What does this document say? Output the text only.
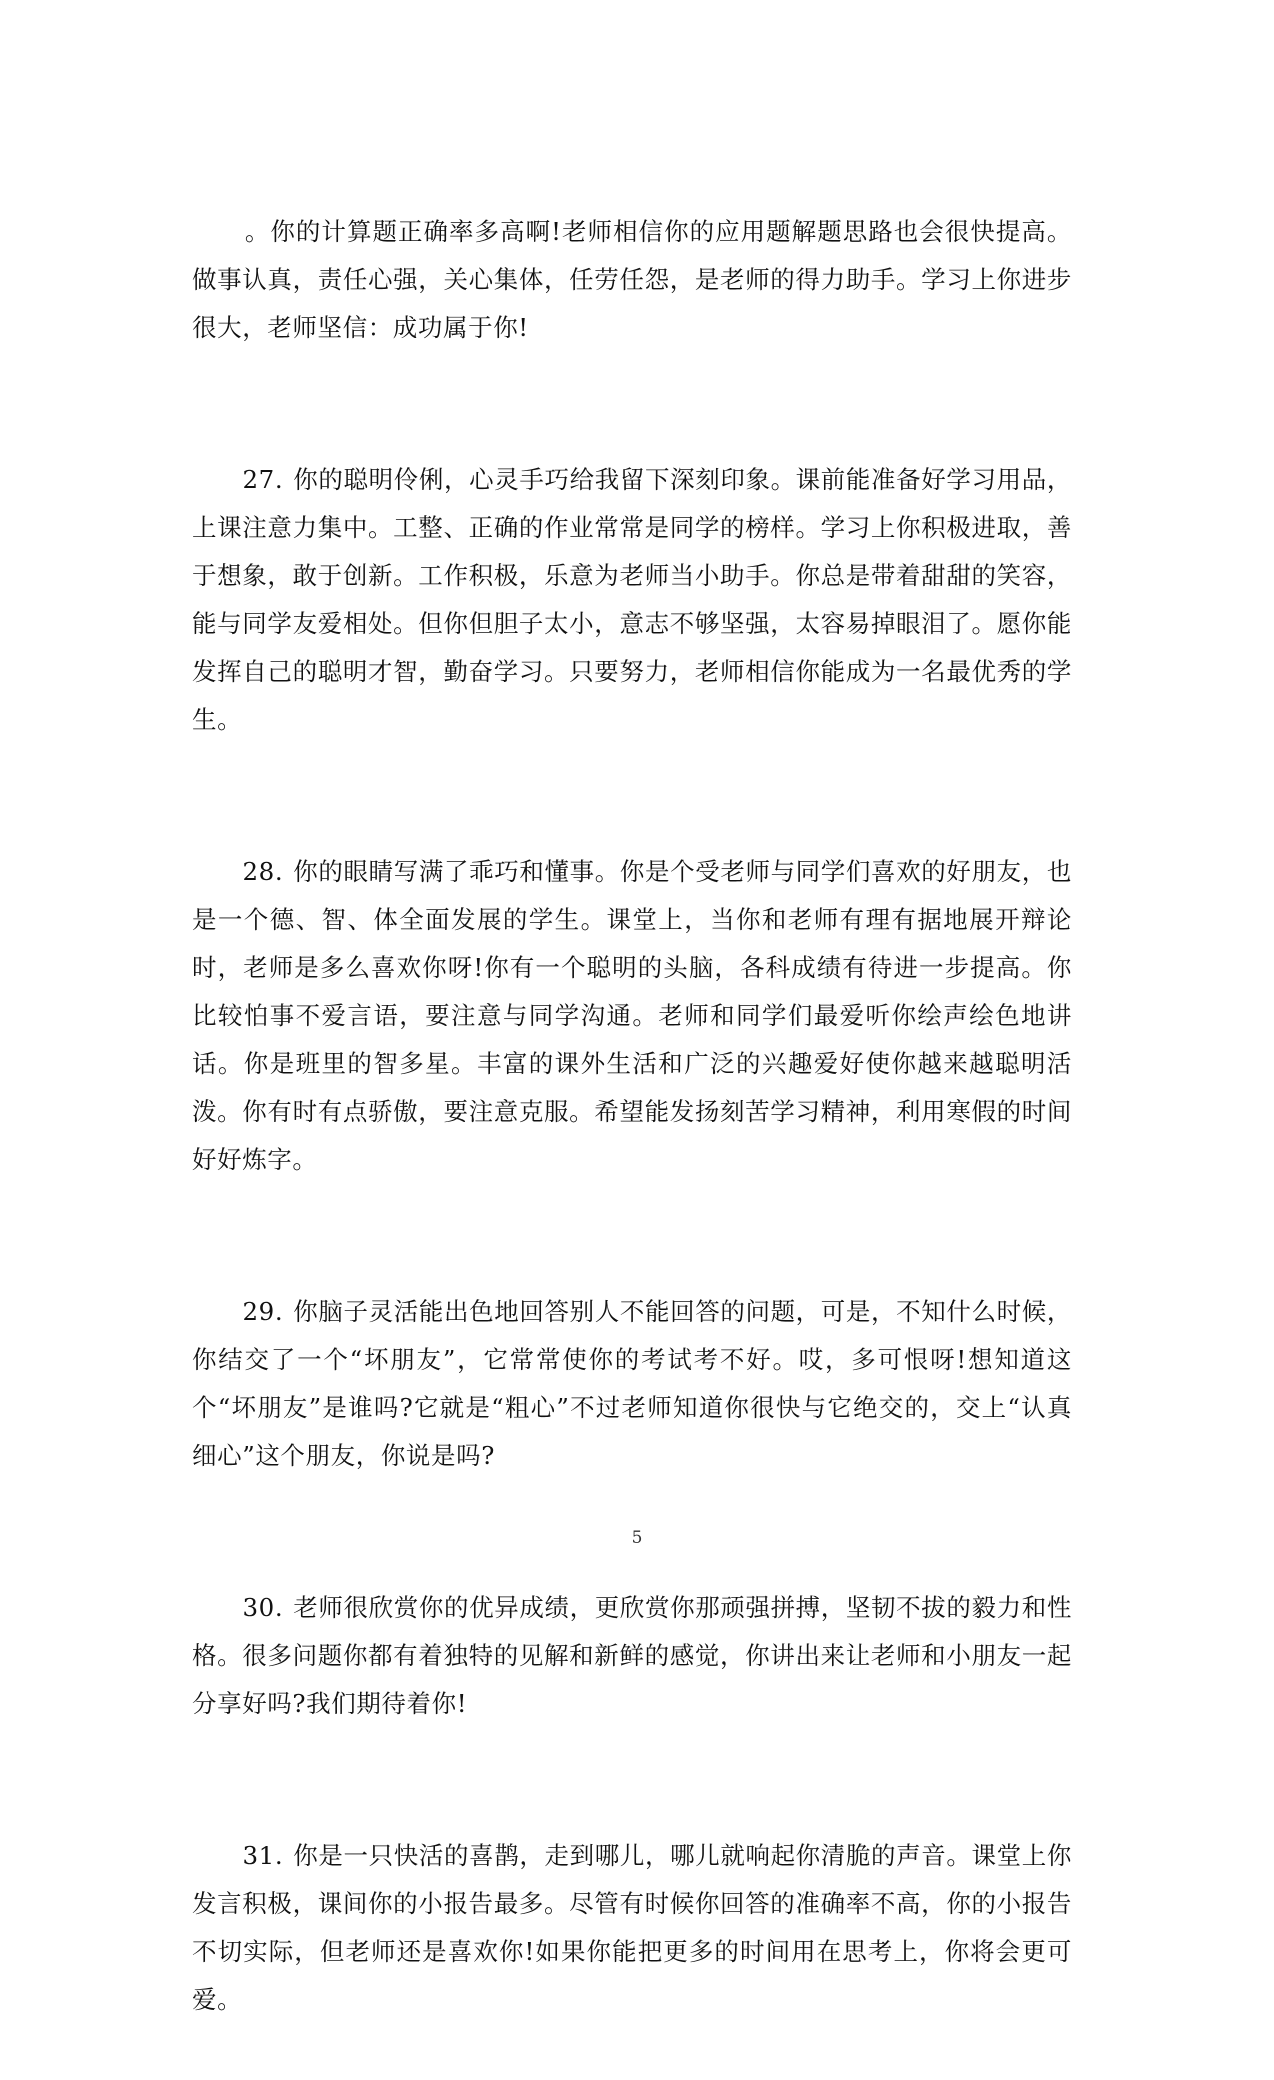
。你的计算题正确率多高啊!老师相信你的应用题解题思路也会很快提高。做事认真，责任心强，关心集体，任劳任怨，是老师的得力助手。学习上你进步很大，老师坚信：成功属于你!

27. 你的聪明伶俐，心灵手巧给我留下深刻印象。课前能准备好学习用品，上课注意力集中。工整、正确的作业常常是同学的榜样。学习上你积极进取，善于想象，敢于创新。工作积极，乐意为老师当小助手。你总是带着甜甜的笑容，能与同学友爱相处。但你但胆子太小，意志不够坚强，太容易掉眼泪了。愿你能发挥自己的聪明才智，勤奋学习。只要努力，老师相信你能成为一名最优秀的学生。

28. 你的眼睛写满了乖巧和懂事。你是个受老师与同学们喜欢的好朋友，也是一个德、智、体全面发展的学生。课堂上，当你和老师有理有据地展开辩论时，老师是多么喜欢你呀!你有一个聪明的头脑，各科成绩有待进一步提高。你比较怕事不爱言语，要注意与同学沟通。老师和同学们最爱听你绘声绘色地讲话。你是班里的智多星。丰富的课外生活和广泛的兴趣爱好使你越来越聪明活泼。你有时有点骄傲，要注意克服。希望能发扬刻苦学习精神，利用寒假的时间好好炼字。

29. 你脑子灵活能出色地回答别人不能回答的问题，可是，不知什么时候，你结交了一个“坏朋友”，它常常使你的考试考不好。哎，多可恨呀!想知道这个“坏朋友”是谁吗?它就是“粗心”不过老师知道你很快与它绝交的，交上“认真细心”这个朋友，你说是吗?

30. 老师很欣赏你的优异成绩，更欣赏你那顽强拼搏，坚韧不拔的毅力和性格。很多问题你都有着独特的见解和新鲜的感觉，你讲出来让老师和小朋友一起分享好吗?我们期待着你!

31. 你是一只快活的喜鹊，走到哪儿，哪儿就响起你清脆的声音。课堂上你发言积极，课间你的小报告最多。尽管有时候你回答的准确率不高，你的小报告不切实际，但老师还是喜欢你!如果你能把更多的时间用在思考上，你将会更可爱。

5
